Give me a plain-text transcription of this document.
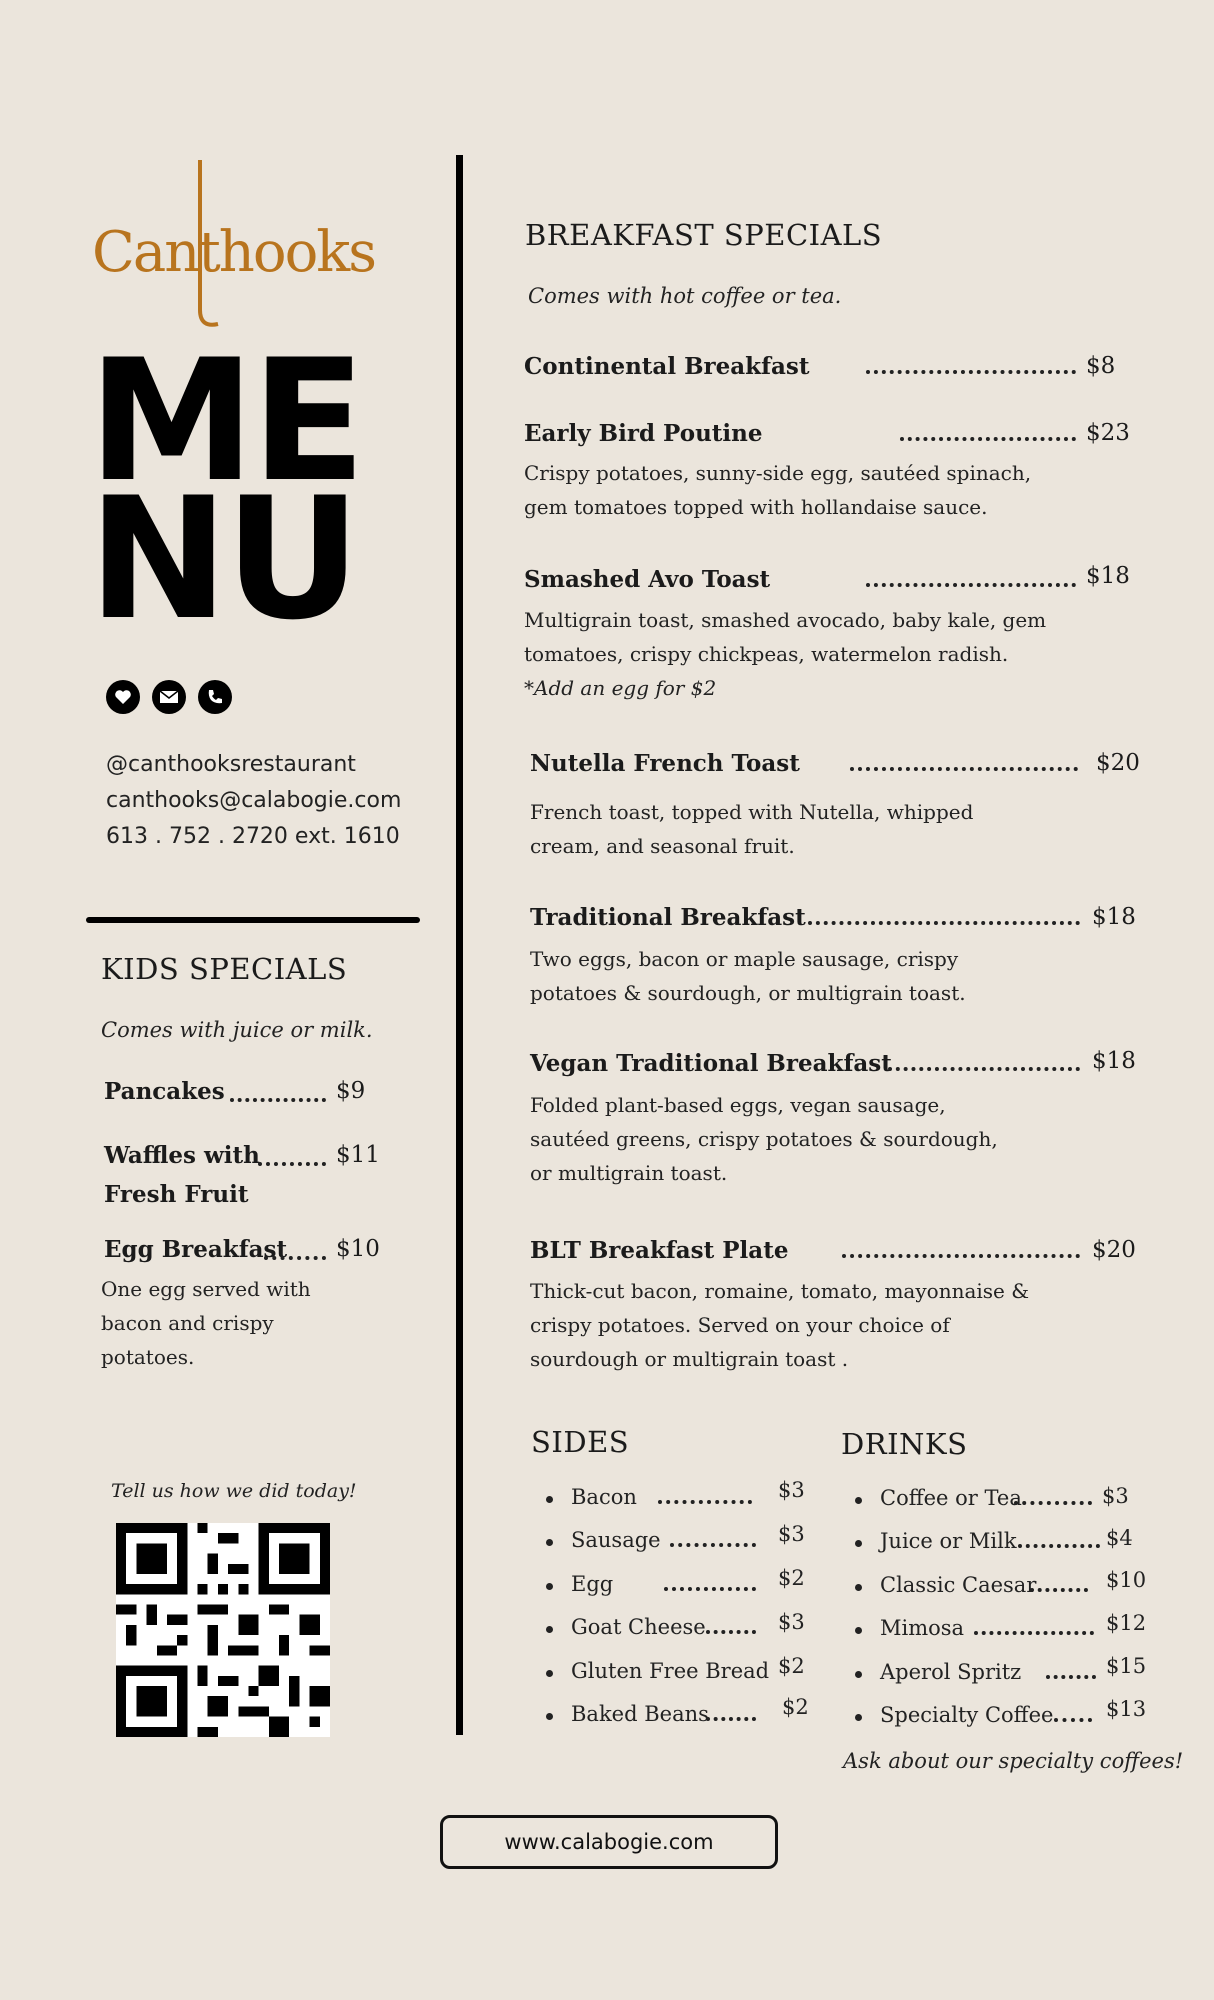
Canthooks
ME
NU
@canthooksrestaurant
canthooks@calabogie.com
613 . 752 . 2720 ext. 1610
KIDS SPECIALS
Comes with juice or milk.
Pancakes	$9
Waffles with	$11
Fresh Fruit
Egg Breakfast $10
One egg served with bacon and crispy potatoes.
Tell us how we did today!
BREAKFAST SPECIALS
Comes with hot coffee or tea.
Continental Breakfast	$8
Early Bird Poutine	$23
Crispy potatoes, sunny-side egg, sautéed spinach, gem tomatoes topped with hollandaise sauce.
Smashed Avo Toast	$18
Multigrain toast, smashed avocado, baby kale, gem tomatoes, crispy chickpeas, watermelon radish.
*Add an egg for $2
Nutella French Toast	$20
French toast, topped with Nutella, whipped cream, and seasonal fruit.
Traditional Breakfast	$18
Two eggs, bacon or maple sausage, crispy potatoes & sourdough, or multigrain toast.
Vegan Traditional Breakfast	$18
Folded plant-based eggs, vegan sausage, sautéed greens, crispy potatoes & sourdough, or multigrain toast.
BLT Breakfast Plate	$20
Thick-cut bacon, romaine, tomato, mayonnaise & crispy potatoes. Served on your choice of sourdough or multigrain toast .
SIDES
Bacon	$3
Sausage	$3
Egg	$2
Goat Cheese	$3
Gluten Free Bread $2
Baked Beans	$2
DRINKS
Coffee or Tea	$3
Juice or Milk	$4
Classic Caesar	$10
Mimosa	$12
Aperol Spritz	$15
Specialty Coffee	$13
Ask about our specialty coffees!
www.calabogie.com
